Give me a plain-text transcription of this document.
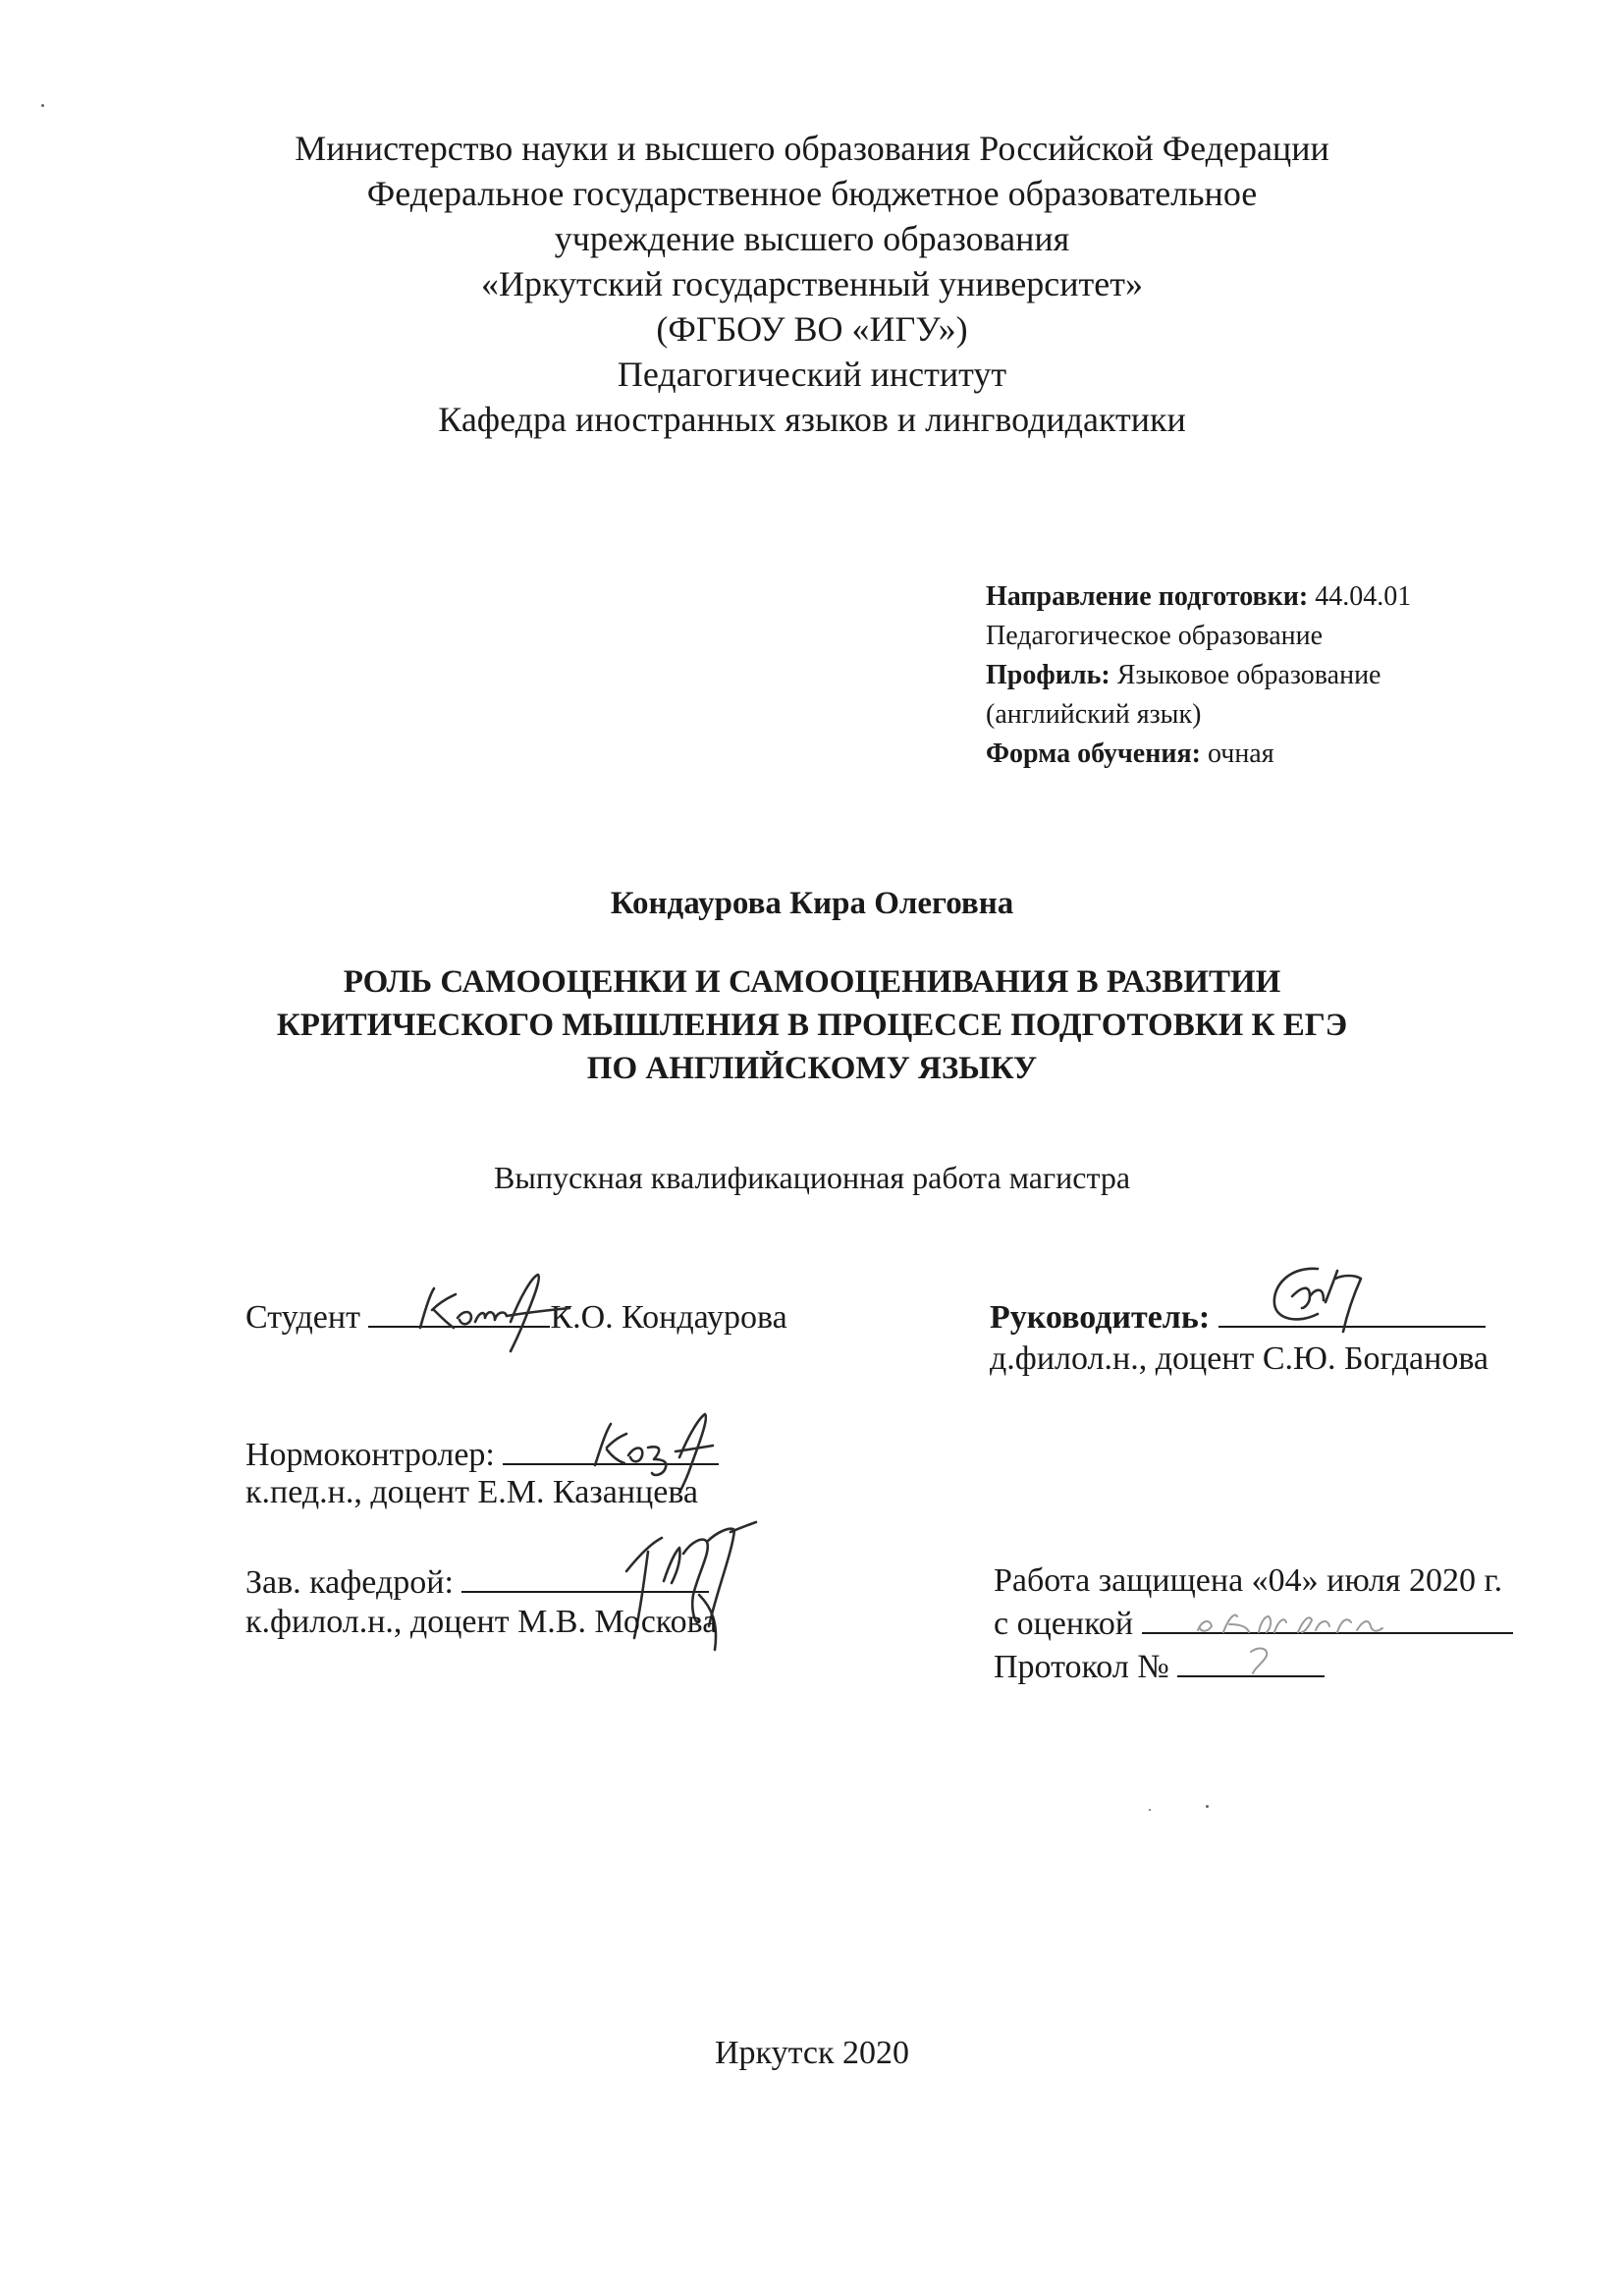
Министерство науки и высшего образования Российской Федерации
Федеральное государственное бюджетное образовательное
учреждение высшего образования
«Иркутский государственный университет»
(ФГБОУ ВО «ИГУ»)
Педагогический институт
Кафедра иностранных языков и лингводидактики
Направление подготовки: 44.04.01
Педагогическое образование
Профиль: Языковое образование
(английский язык)
Форма обучения: очная
Кондаурова Кира Олеговна
РОЛЬ САМООЦЕНКИ И САМООЦЕНИВАНИЯ В РАЗВИТИИ
КРИТИЧЕСКОГО МЫШЛЕНИЯ В ПРОЦЕССЕ ПОДГОТОВКИ К ЕГЭ
ПО АНГЛИЙСКОМУ ЯЗЫКУ
Выпускная квалификационная работа магистра
Студент	К.О. Кондаурова	Руководитель:
д.филол.н., доцент С.Ю. Богданова
Нормоконтролер:
к.пед.н., доцент Е.М. Казанцева
Зав. кафедрой:
к.филол.н., доцент М.В. Москова
Работа защищена «04» июля 2020 г.
с оценкой
Протокол №
Иркутск 2020
